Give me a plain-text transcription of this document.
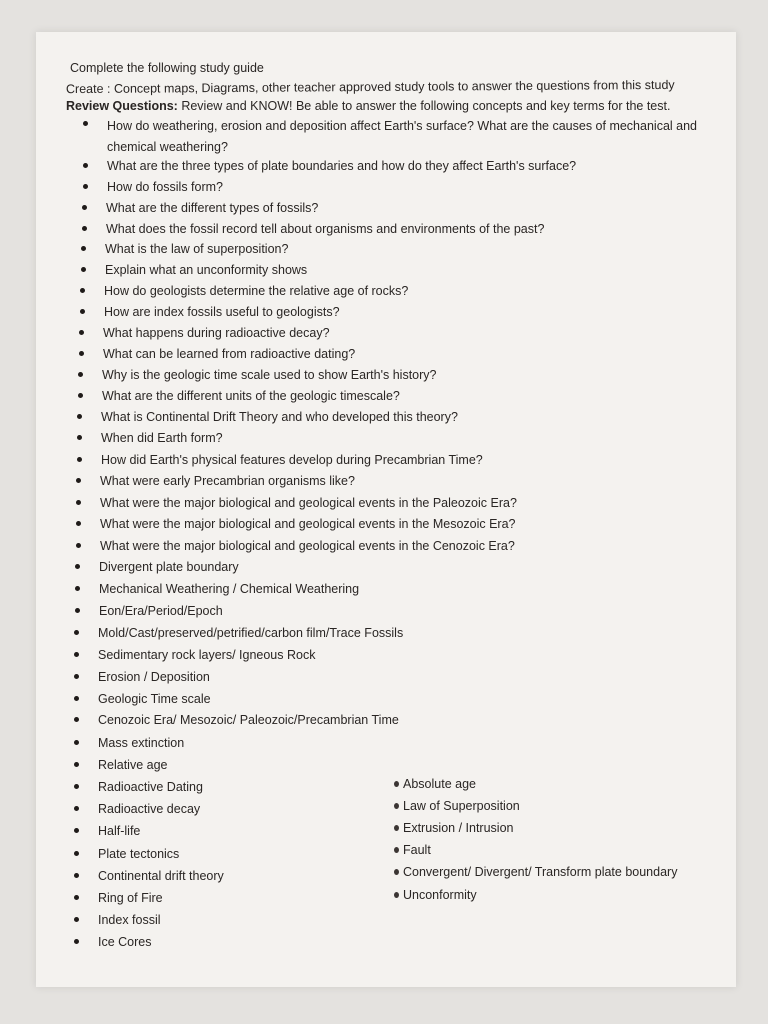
Complete the following study guide
Create : Concept maps, Diagrams, other teacher approved study tools to answer the questions from this study
Review Questions: Review and KNOW! Be able to answer the following concepts and key terms for the test.
How do weathering, erosion and deposition affect Earth's surface? What are the causes of mechanical and chemical weathering?
What are the three types of plate boundaries and how do they affect Earth's surface?
How do fossils form?
What are the different types of fossils?
What does the fossil record tell about organisms and environments of the past?
What is the law of superposition?
Explain what an unconformity shows
How do geologists determine the relative age of rocks?
How are index fossils useful to geologists?
What happens during radioactive decay?
What can be learned from radioactive dating?
Why is the geologic time scale used to show Earth's history?
What are the different units of the geologic timescale?
What is Continental Drift Theory and who developed this theory?
When did Earth form?
How did Earth's physical features develop during Precambrian Time?
What were early Precambrian organisms like?
What were the major biological and geological events in the Paleozoic Era?
What were the major biological and geological events in the Mesozoic Era?
What were the major biological and geological events in the Cenozoic Era?
Divergent plate boundary
Mechanical Weathering / Chemical Weathering
Eon/Era/Period/Epoch
Mold/Cast/preserved/petrified/carbon film/Trace Fossils
Sedimentary rock layers/ Igneous Rock
Erosion / Deposition
Geologic Time scale
Cenozoic Era/ Mesozoic/ Paleozoic/Precambrian Time
Mass extinction
Relative age
Radioactive Dating
Radioactive decay
Half-life
Plate tectonics
Continental drift theory
Ring of Fire
Index fossil
Ice Cores
Absolute age
Law of Superposition
Extrusion / Intrusion
Fault
Convergent/ Divergent/ Transform plate boundary
Unconformity
